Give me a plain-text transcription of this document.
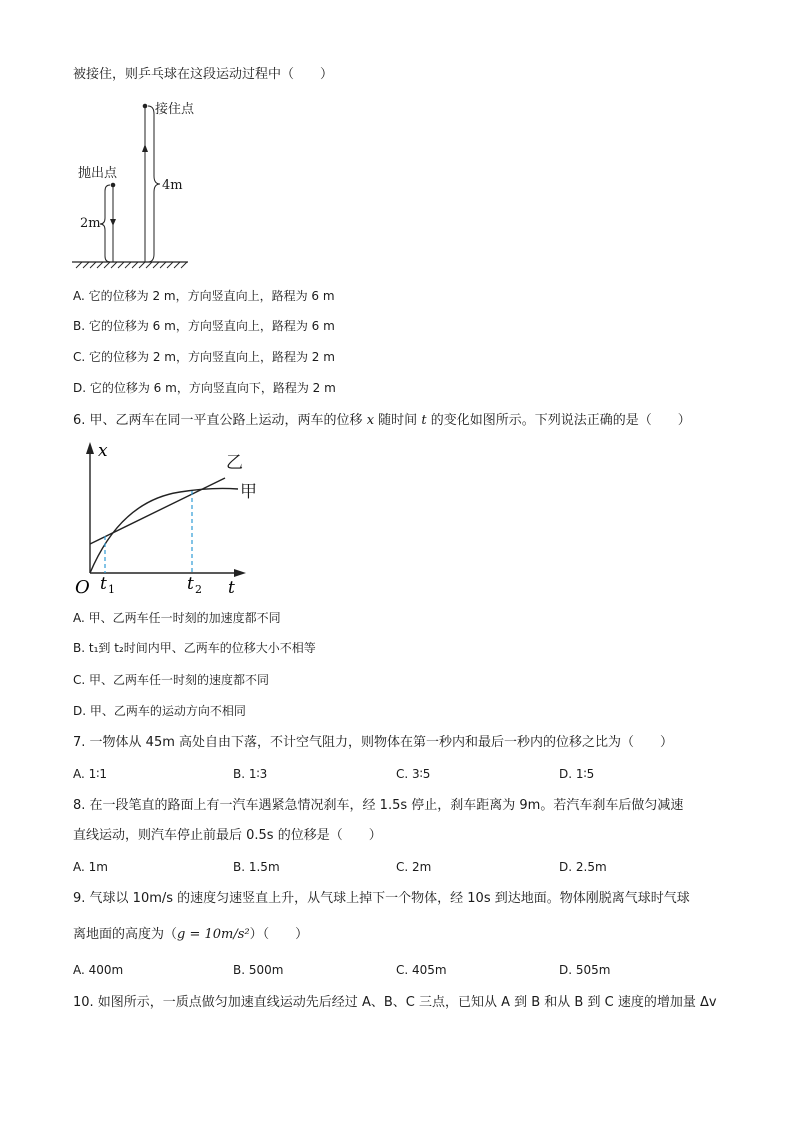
被接住，则乒乓球在这段运动过程中（　　）
接住点
抛出点
4m
2m
A. 它的位移为 2 m，方向竖直向上，路程为 6 m
B. 它的位移为 6 m，方向竖直向上，路程为 6 m
C. 它的位移为 2 m，方向竖直向上，路程为 2 m
D. 它的位移为 6 m，方向竖直向下，路程为 2 m
6. 甲、乙两车在同一平直公路上运动，两车的位移 x 随时间 t 的变化如图所示。下列说法正确的是（　　）
x
t
O t 1	t 2
乙
甲
A. 甲、乙两车任一时刻的加速度都不同
B. t₁到 t₂时间内甲、乙两车的位移大小不相等
C. 甲、乙两车任一时刻的速度都不同
D. 甲、乙两车的运动方向不相同
7. 一物体从 45m 高处自由下落，不计空气阻力，则物体在第一秒内和最后一秒内的位移之比为（　　）
A. 1∶1	B. 1∶3	C. 3∶5	D. 1∶5
8. 在一段笔直的路面上有一汽车遇紧急情况刹车，经 1.5s 停止，刹车距离为 9m。若汽车刹车后做匀减速
直线运动，则汽车停止前最后 0.5s 的位移是（　　）
A. 1m	B. 1.5m	C. 2m	D. 2.5m
9. 气球以 10m/s 的速度匀速竖直上升，从气球上掉下一个物体，经 10s 到达地面。物体刚脱离气球时气球
离地面的高度为（g = 10m/s²）（　　）
A. 400m	B. 500m	C. 405m	D. 505m
10. 如图所示，一质点做匀加速直线运动先后经过 A、B、C 三点，已知从 A 到 B 和从 B 到 C 速度的增加量 Δv
